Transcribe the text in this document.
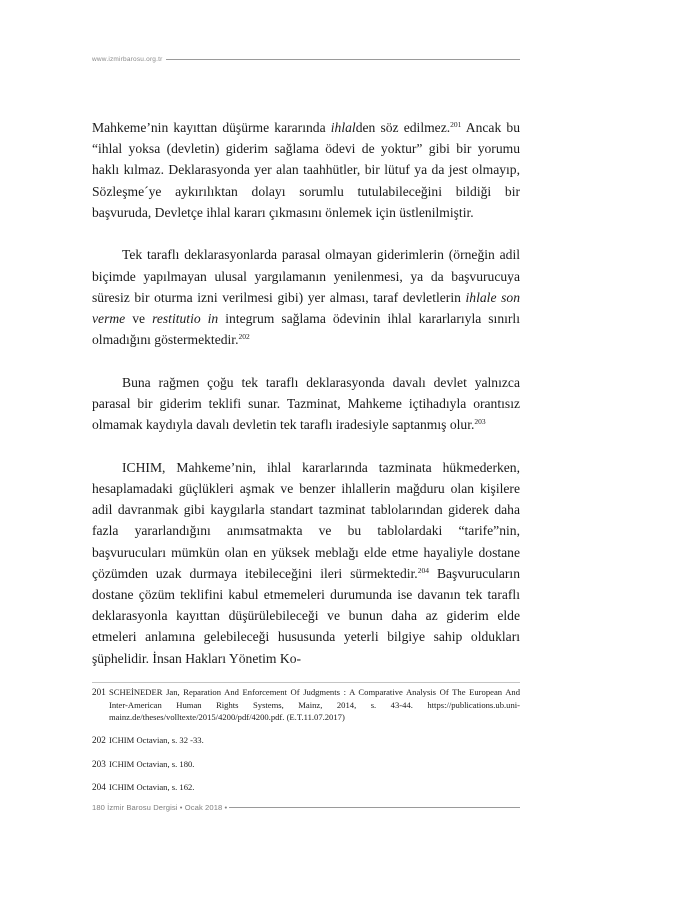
www.izmirbarosu.org.tr

Mahkeme’nin kayıttan düşürme kararında ihlalden söz edilmez.$^{201}$ Ancak bu “ihlal yoksa (devletin) giderim sağlama ödevi de yoktur” gibi bir yorumu haklı kılmaz. Deklarasyonda yer alan taahhütler, bir lütuf ya da jest olmayıp, Sözleşme´ye aykırılıktan dolayı sorumlu tutulabileceğini bildiği bir başvuruda, Devletçe ihlal kararı çıkmasını önlemek için üstlenilmiştir.

Tek taraflı deklarasyonlarda parasal olmayan giderimlerin (örneğin adil biçimde yapılmayan ulusal yargılamanın yenilenmesi, ya da başvurucuya süresiz bir oturma izni verilmesi gibi) yer alması, taraf devletlerin ihlale son verme ve restitutio in integrum sağlama ödevinin ihlal kararlarıyla sınırlı olmadığını göstermektedir.$^{202}$

Buna rağmen çoğu tek taraflı deklarasyonda davalı devlet yalnızca parasal bir giderim teklifi sunar. Tazminat, Mahkeme içtihadıyla orantısız olmamak kaydıyla davalı devletin tek taraflı iradesiyle saptanmış olur.$^{203}$

ICHIM, Mahkeme’nin, ihlal kararlarında tazminata hükmederken, hesaplamadaki güçlükleri aşmak ve benzer ihlallerin mağduru olan kişilere adil davranmak gibi kaygılarla standart tazminat tablolarından giderek daha fazla yararlandığını anımsatmakta ve bu tablolardaki “tarife”nin, başvurucuları mümkün olan en yüksek meblağı elde etme hayaliyle dostane çözümden uzak durmaya itebileceğini ileri sürmektedir.$^{204}$ Başvurucuların dostane çözüm teklifini kabul etmemeleri durumunda ise davanın tek taraflı deklarasyonla kayıttan düşürülebileceği ve bunun daha az giderim elde etmeleri anlamına gelebileceği hususunda yeterli bilgiye sahip oldukları şüphelidir. İnsan Hakları Yönetim Ko-

201 SCHEİNEDER Jan, Reparation And Enforcement Of Judgments : A Comparative Analysis Of The European And Inter-American Human Rights Systems, Mainz, 2014, s. 43-44. https://publications.ub.uni-mainz.de/theses/volltexte/2015/4200/pdf/4200.pdf. (E.T.11.07.2017)
202 ICHIM Octavian, s. 32 -33.
203 ICHIM Octavian, s. 180.
204 ICHIM Octavian, s. 162.
180 İzmir Barosu Dergisi • Ocak 2018 •
